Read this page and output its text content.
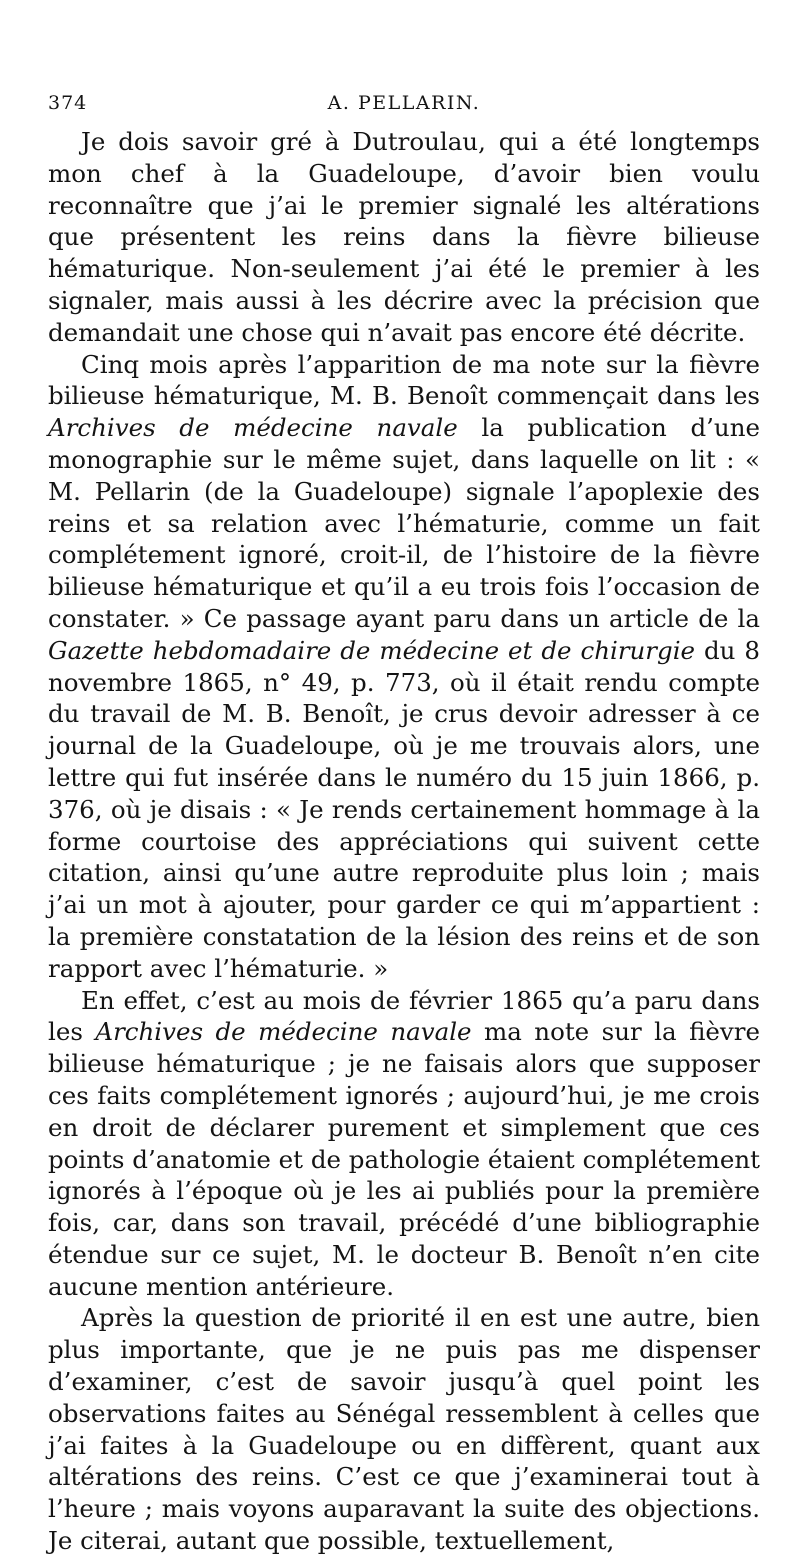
374	A. PELLARIN.

Je dois savoir gré à Dutroulau, qui a été longtemps mon chef à la Guadeloupe, d’avoir bien voulu reconnaître que j’ai le premier signalé les altérations que présentent les reins dans la fièvre bilieuse hématurique. Non-seulement j’ai été le premier à les signaler, mais aussi à les décrire avec la précision que demandait une chose qui n’avait pas encore été décrite.

Cinq mois après l’apparition de ma note sur la fièvre bilieuse hématurique, M. B. Benoît commençait dans les Archives de médecine navale la publication d’une monographie sur le même sujet, dans laquelle on lit : « M. Pellarin (de la Guadeloupe) signale l’apoplexie des reins et sa relation avec l’hématurie, comme un fait complétement ignoré, croit-il, de l’histoire de la fièvre bilieuse hématurique et qu’il a eu trois fois l’occasion de constater. » Ce passage ayant paru dans un article de la Gazette hebdomadaire de médecine et de chirurgie du 8 novembre 1865, n° 49, p. 773, où il était rendu compte du travail de M. B. Benoît, je crus devoir adresser à ce journal de la Guadeloupe, où je me trouvais alors, une lettre qui fut insérée dans le numéro du 15 juin 1866, p. 376, où je disais : « Je rends certainement hommage à la forme courtoise des appréciations qui suivent cette citation, ainsi qu’une autre reproduite plus loin ; mais j’ai un mot à ajouter, pour garder ce qui m’appartient : la première constatation de la lésion des reins et de son rapport avec l’hématurie. »

En effet, c’est au mois de février 1865 qu’a paru dans les Archives de médecine navale ma note sur la fièvre bilieuse hématurique ; je ne faisais alors que supposer ces faits complétement ignorés ; aujourd’hui, je me crois en droit de déclarer purement et simplement que ces points d’anatomie et de pathologie étaient complétement ignorés à l’époque où je les ai publiés pour la première fois, car, dans son travail, précédé d’une bibliographie étendue sur ce sujet, M. le docteur B. Benoît n’en cite aucune mention antérieure.

Après la question de priorité il en est une autre, bien plus importante, que je ne puis pas me dispenser d’examiner, c’est de savoir jusqu’à quel point les observations faites au Sénégal ressemblent à celles que j’ai faites à la Guadeloupe ou en diffèrent, quant aux altérations des reins. C’est ce que j’examinerai tout à l’heure ; mais voyons auparavant la suite des objections. Je citerai, autant que possible, textuellement,
